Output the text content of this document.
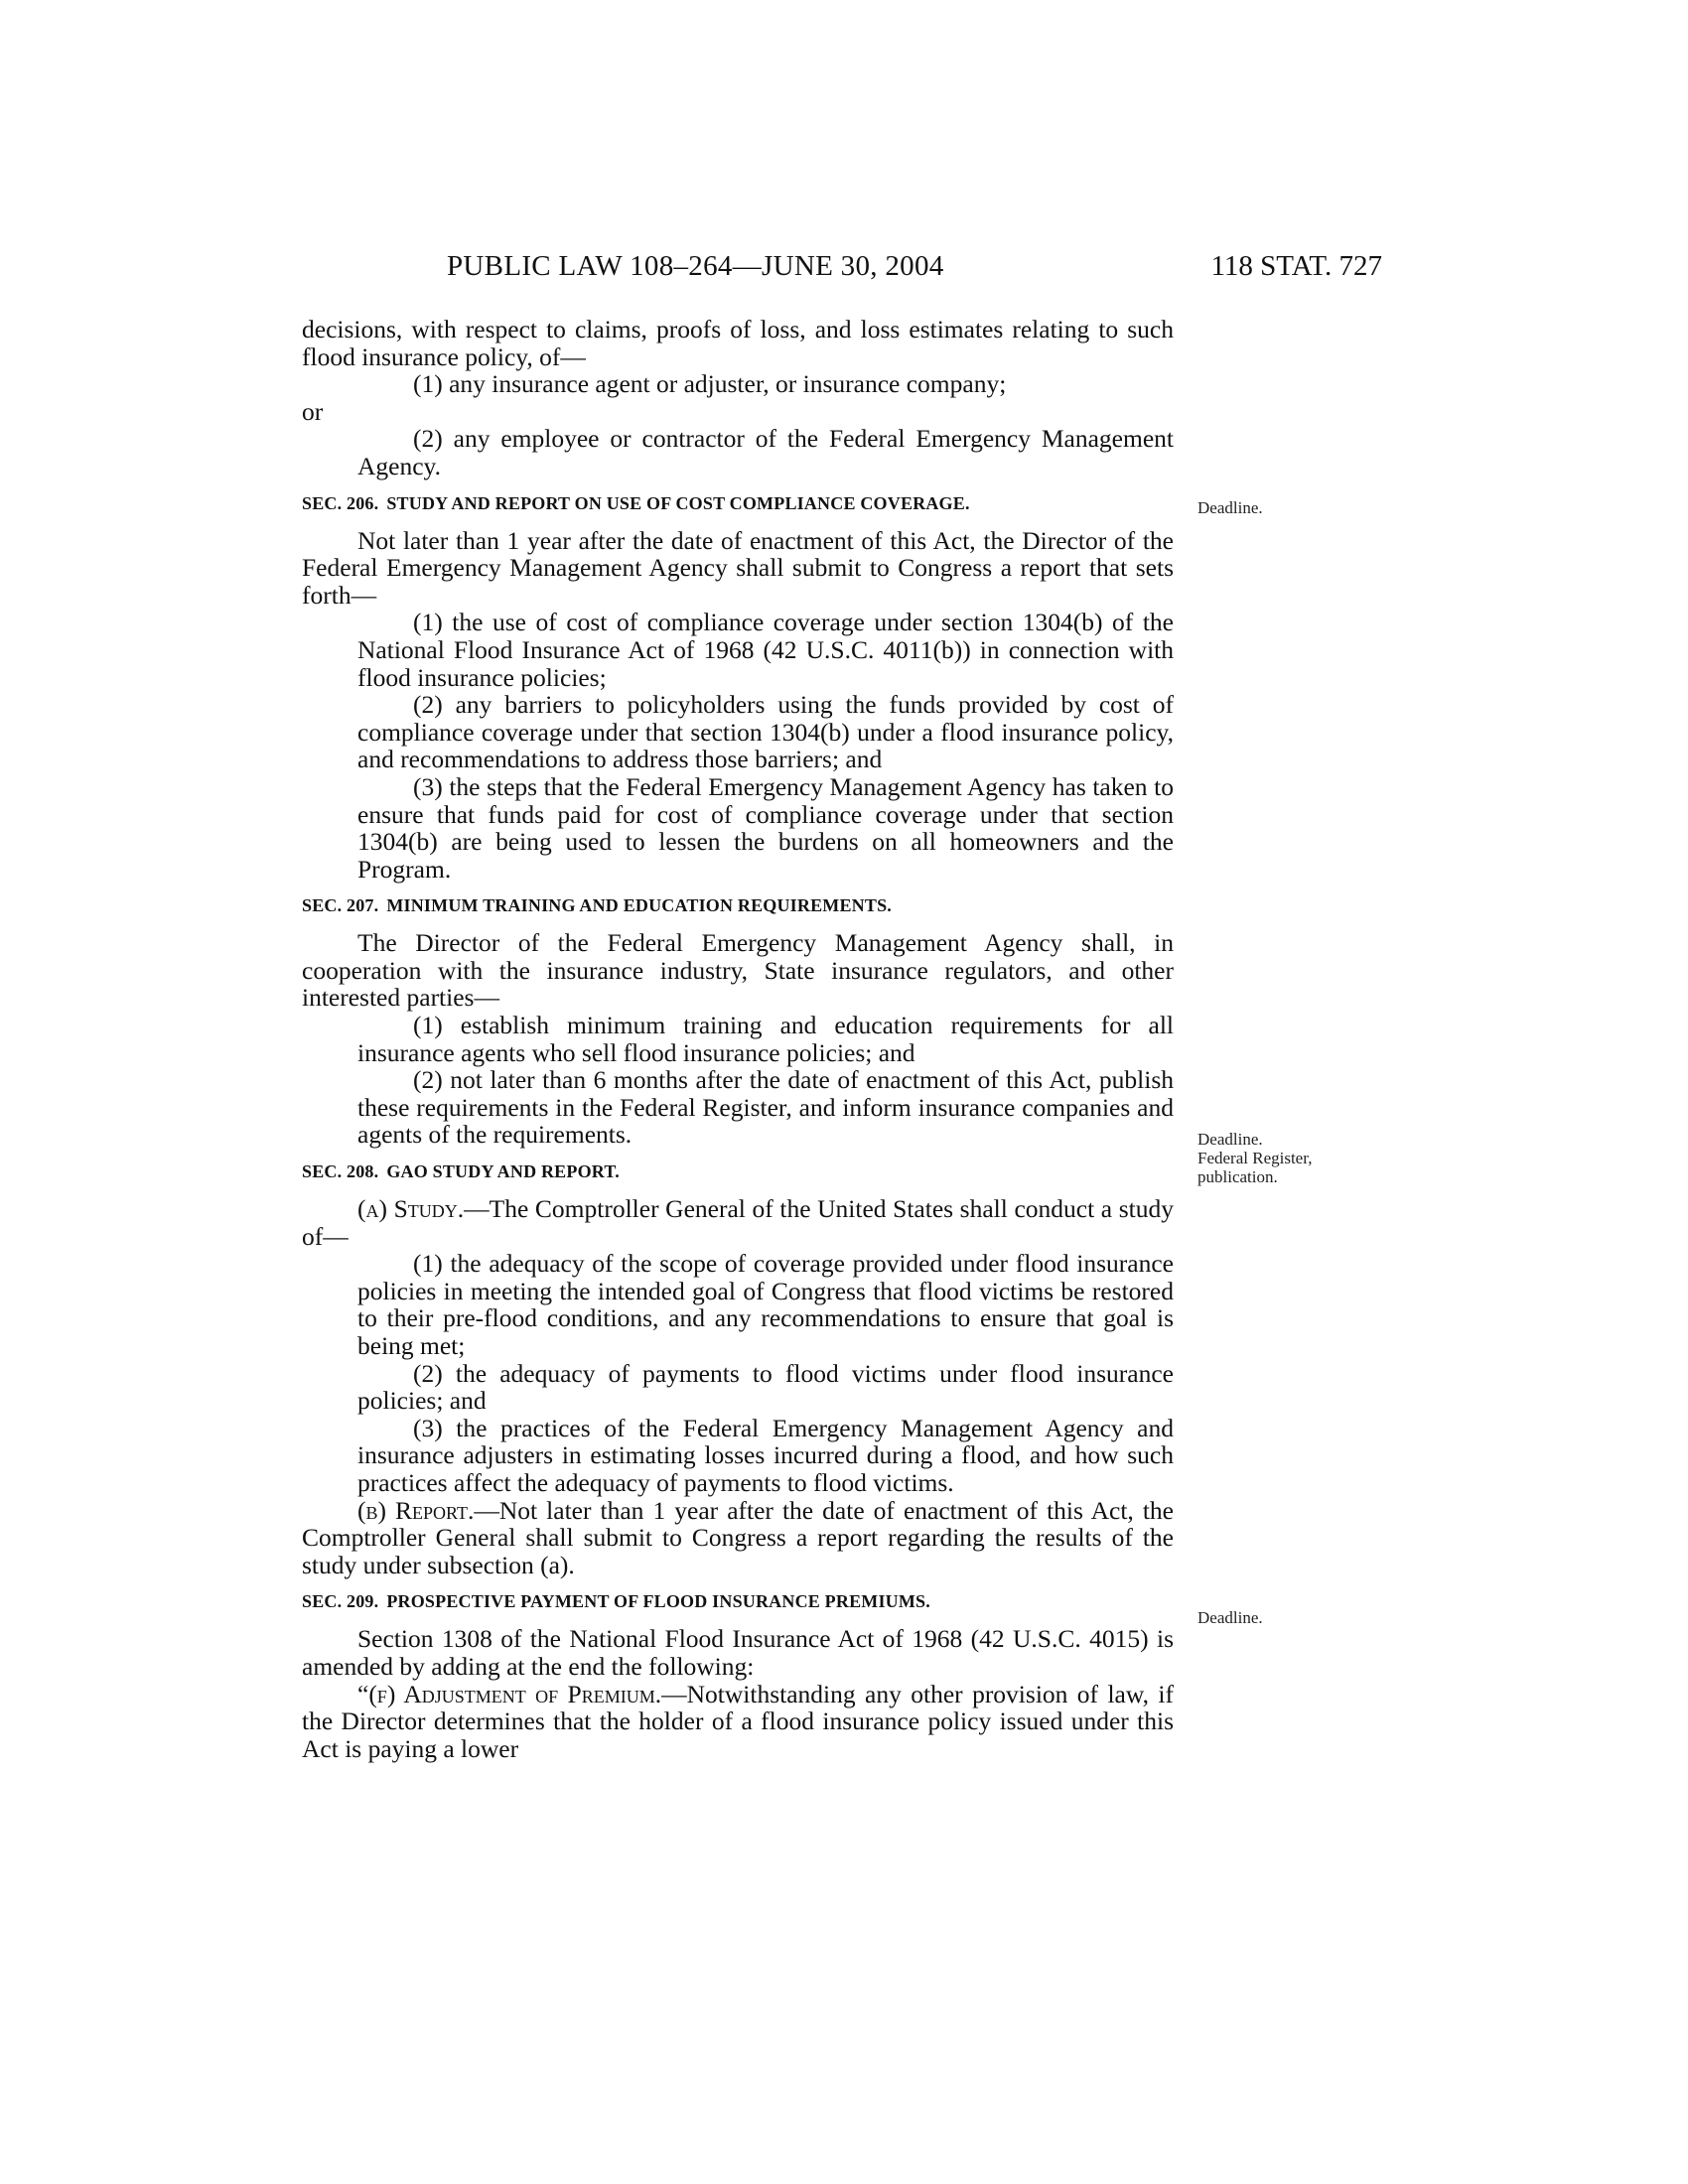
PUBLIC LAW 108–264—JUNE 30, 2004	118 STAT. 727

decisions, with respect to claims, proofs of loss, and loss estimates relating to such flood insurance policy, of—

(1) any insurance agent or adjuster, or insurance company;

or

(2) any employee or contractor of the Federal Emergency Management Agency.

SEC. 206. STUDY AND REPORT ON USE OF COST COMPLIANCE COVERAGE.

Not later than 1 year after the date of enactment of this Act, the Director of the Federal Emergency Management Agency shall submit to Congress a report that sets forth—

(1) the use of cost of compliance coverage under section 1304(b) of the National Flood Insurance Act of 1968 (42 U.S.C. 4011(b)) in connection with flood insurance policies;

(2) any barriers to policyholders using the funds provided by cost of compliance coverage under that section 1304(b) under a flood insurance policy, and recommendations to address those barriers; and

(3) the steps that the Federal Emergency Management Agency has taken to ensure that funds paid for cost of compliance coverage under that section 1304(b) are being used to lessen the burdens on all homeowners and the Program.

SEC. 207. MINIMUM TRAINING AND EDUCATION REQUIREMENTS.

The Director of the Federal Emergency Management Agency shall, in cooperation with the insurance industry, State insurance regulators, and other interested parties—

(1) establish minimum training and education requirements for all insurance agents who sell flood insurance policies; and

(2) not later than 6 months after the date of enactment of this Act, publish these requirements in the Federal Register, and inform insurance companies and agents of the requirements.

SEC. 208. GAO STUDY AND REPORT.

(a) Study.—The Comptroller General of the United States shall conduct a study of—

(1) the adequacy of the scope of coverage provided under flood insurance policies in meeting the intended goal of Congress that flood victims be restored to their pre-flood conditions, and any recommendations to ensure that goal is being met;

(2) the adequacy of payments to flood victims under flood insurance policies; and

(3) the practices of the Federal Emergency Management Agency and insurance adjusters in estimating losses incurred during a flood, and how such practices affect the adequacy of payments to flood victims.

(b) Report.—Not later than 1 year after the date of enactment of this Act, the Comptroller General shall submit to Congress a report regarding the results of the study under subsection (a).

SEC. 209. PROSPECTIVE PAYMENT OF FLOOD INSURANCE PREMIUMS.

Section 1308 of the National Flood Insurance Act of 1968 (42 U.S.C. 4015) is amended by adding at the end the following:

“(f) Adjustment of Premium.—Notwithstanding any other provision of law, if the Director determines that the holder of a flood insurance policy issued under this Act is paying a lower

Deadline.
Deadline.
Federal Register,
publication.
Deadline.
